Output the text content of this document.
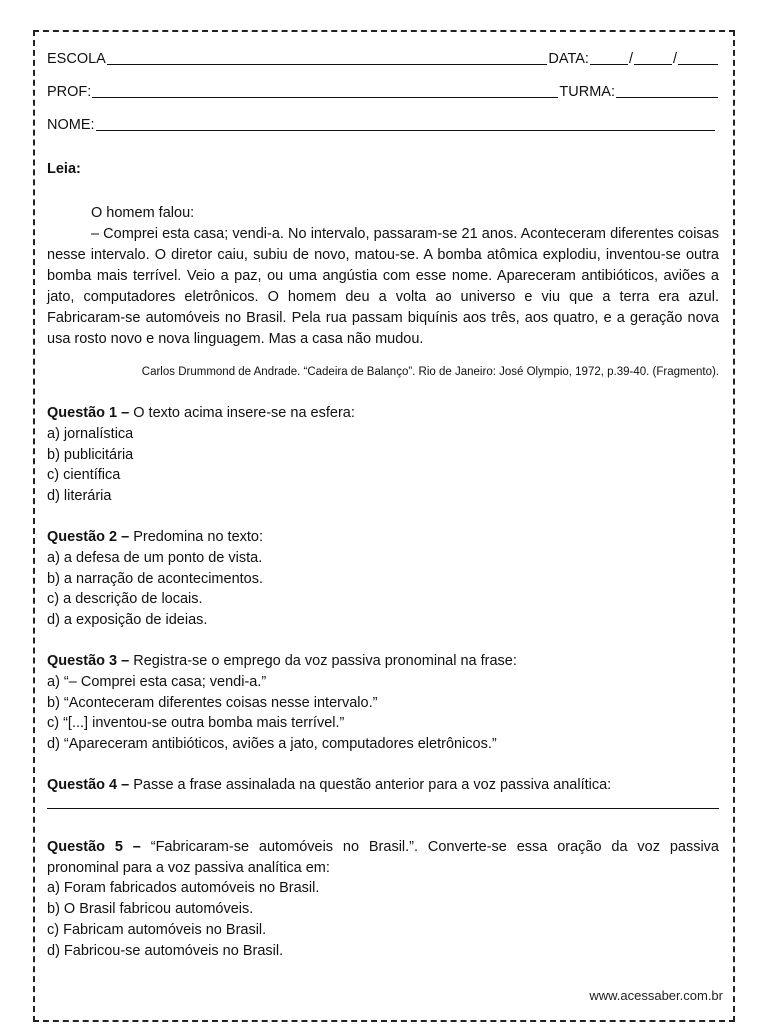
ESCOLA	DATA:	/	/
PROF:	TURMA:
NOME:
Leia:
O homem falou:
– Comprei esta casa; vendi-a. No intervalo, passaram-se 21 anos. Aconteceram diferentes coisas nesse intervalo. O diretor caiu, subiu de novo, matou-se. A bomba atômica explodiu, inventou-se outra bomba mais terrível. Veio a paz, ou uma angústia com esse nome. Apareceram antibióticos, aviões a jato, computadores eletrônicos. O homem deu a volta ao universo e viu que a terra era azul. Fabricaram-se automóveis no Brasil. Pela rua passam biquínis aos três, aos quatro, e a geração nova usa rosto novo e nova linguagem. Mas a casa não mudou.
Carlos Drummond de Andrade. “Cadeira de Balanço”. Rio de Janeiro: José Olympio, 1972, p.39-40. (Fragmento).
Questão 1 – O texto acima insere-se na esfera:
a) jornalística
b) publicitária
c) científica
d) literária
Questão 2 – Predomina no texto:
a) a defesa de um ponto de vista.
b) a narração de acontecimentos.
c) a descrição de locais.
d) a exposição de ideias.
Questão 3 – Registra-se o emprego da voz passiva pronominal na frase:
a) “– Comprei esta casa; vendi-a.”
b) “Aconteceram diferentes coisas nesse intervalo.”
c) “[...] inventou-se outra bomba mais terrível.”
d) “Apareceram antibióticos, aviões a jato, computadores eletrônicos.”
Questão 4 – Passe a frase assinalada na questão anterior para a voz passiva analítica:
Questão 5 – “Fabricaram-se automóveis no Brasil.”. Converte-se essa oração da voz passiva pronominal para a voz passiva analítica em:
a) Foram fabricados automóveis no Brasil.
b) O Brasil fabricou automóveis.
c) Fabricam automóveis no Brasil.
d) Fabricou-se automóveis no Brasil.
www.acessaber.com.br
